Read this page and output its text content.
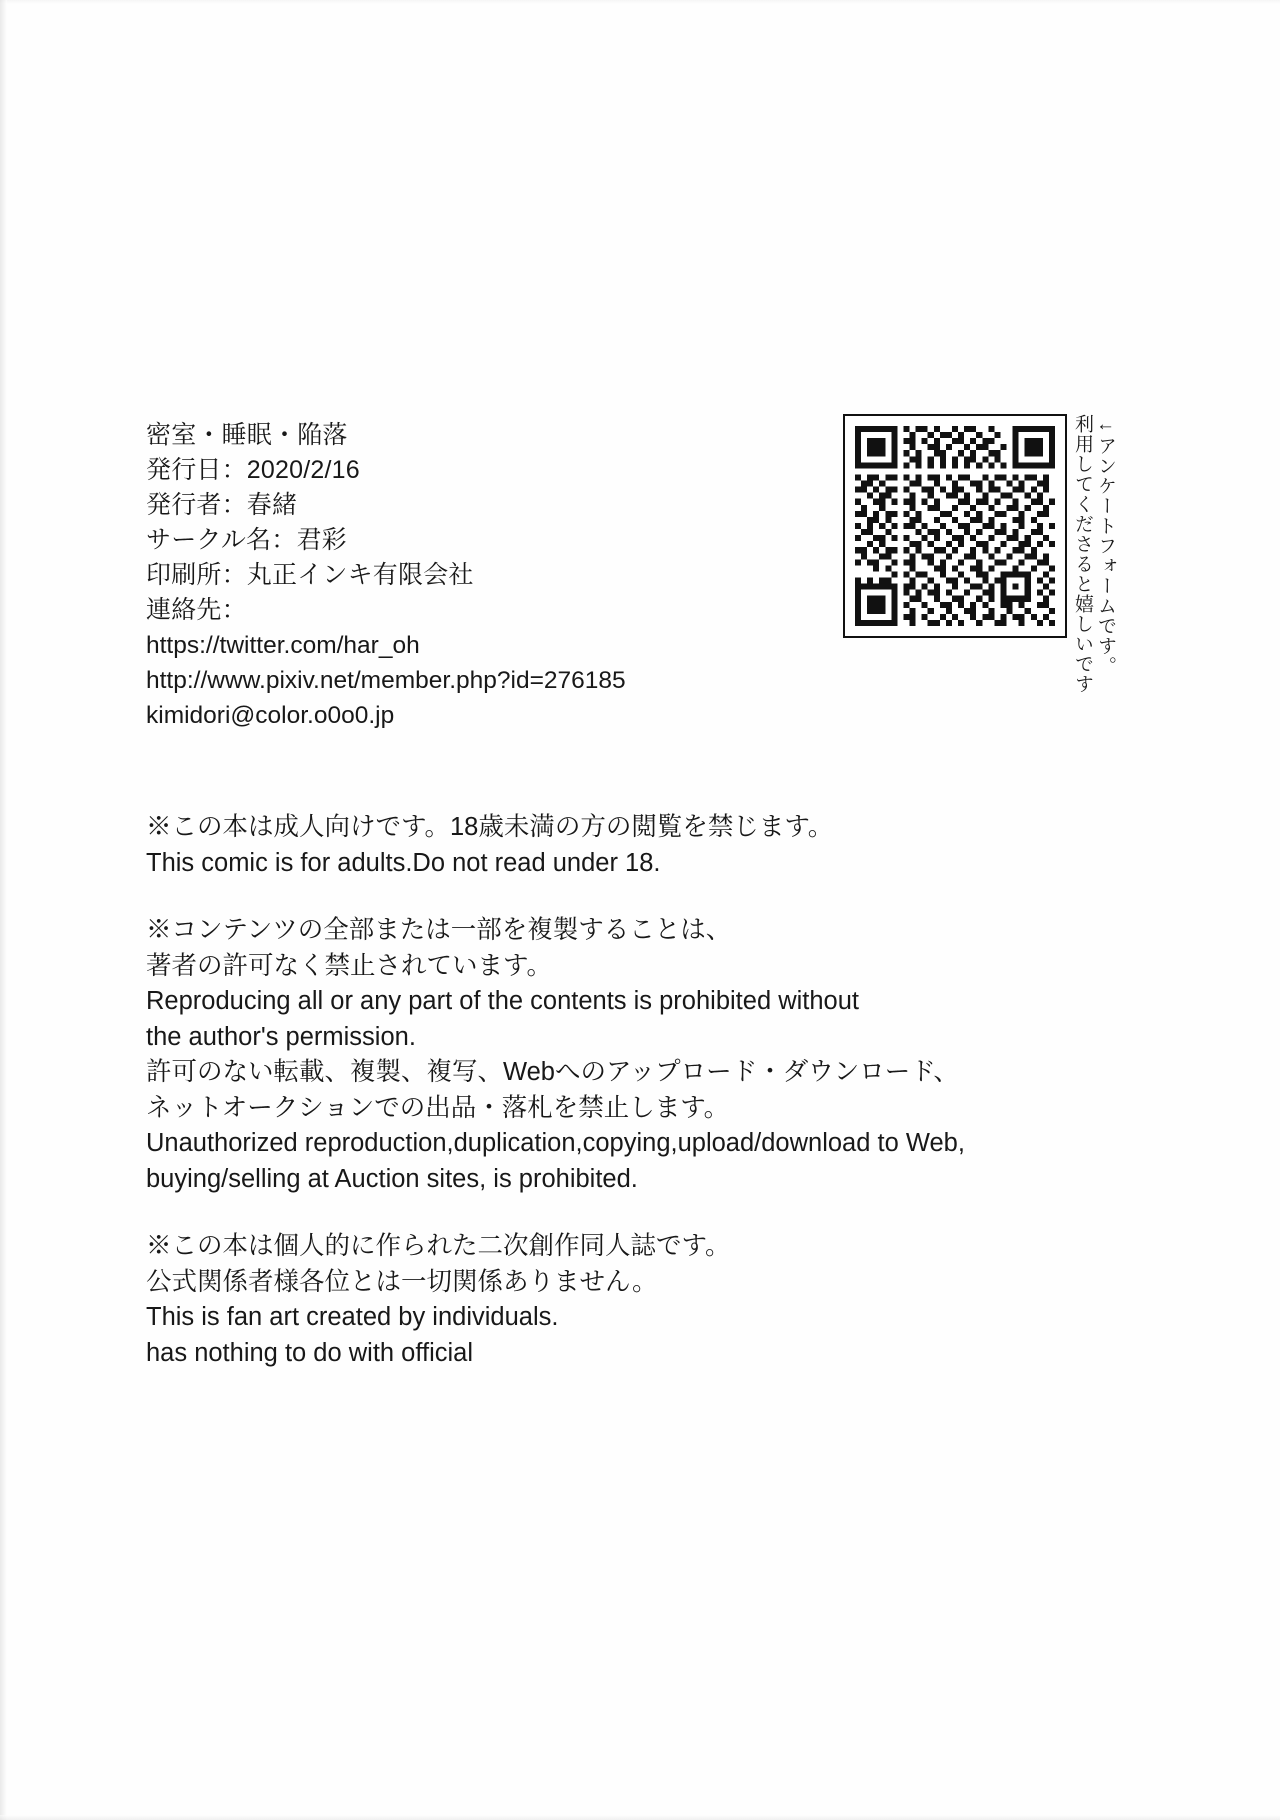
密室・睡眠・陥落
発行日：2020/2/16
発行者：春緒
サークル名：君彩
印刷所：丸正インキ有限会社
連絡先：
https://twitter.com/har_oh
http://www.pixiv.net/member.php?id=276185
kimidori@color.o0o0.jp
←アンケートフォームです。
利用してくださると嬉しいです

※この本は成人向けです。18歳未満の方の閲覧を禁じます。
This comic is for adults.Do not read under 18.

※コンテンツの全部または一部を複製することは、
著者の許可なく禁止されています。
Reproducing all or any part of the contents is prohibited without
the author's permission.
許可のない転載、複製、複写、Webへのアップロード・ダウンロード、
ネットオークションでの出品・落札を禁止します。
Unauthorized reproduction,duplication,copying,upload/download to Web,
buying/selling at Auction sites, is prohibited.

※この本は個人的に作られた二次創作同人誌です。
公式関係者様各位とは一切関係ありません。
This is fan art created by individuals.
has nothing to do with official
